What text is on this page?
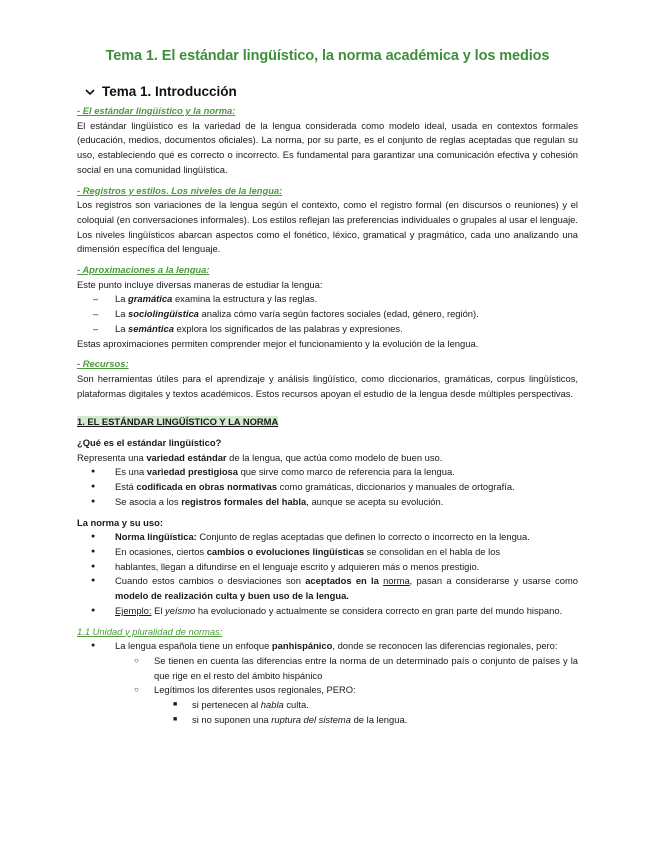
Tema 1. El estándar lingüístico, la norma académica y los medios
Tema 1. Introducción
- El estándar lingüístico y la norma:
El estándar lingüístico es la variedad de la lengua considerada como modelo ideal, usada en contextos formales (educación, medios, documentos oficiales). La norma, por su parte, es el conjunto de reglas aceptadas que regulan su uso, estableciendo qué es correcto o incorrecto. Es fundamental para garantizar una comunicación efectiva y cohesión social en una comunidad lingüística.
- Registros y estilos. Los niveles de la lengua:
Los registros son variaciones de la lengua según el contexto, como el registro formal (en discursos o reuniones) y el coloquial (en conversaciones informales). Los estilos reflejan las preferencias individuales o grupales al usar el lenguaje. Los niveles lingüísticos abarcan aspectos como el fonético, léxico, gramatical y pragmático, cada uno analizando una dimensión específica del lenguaje.
- Aproximaciones a la lengua:
Este punto incluye diversas maneras de estudiar la lengua:
– La gramática examina la estructura y las reglas.
– La sociolingüística analiza cómo varía según factores sociales (edad, género, región).
– La semántica explora los significados de las palabras y expresiones.
Estas aproximaciones permiten comprender mejor el funcionamiento y la evolución de la lengua.
- Recursos:
Son herramientas útiles para el aprendizaje y análisis lingüístico, como diccionarios, gramáticas, corpus lingüísticos, plataformas digitales y textos académicos. Estos recursos apoyan el estudio de la lengua desde múltiples perspectivas.
1. EL ESTÁNDAR LINGÜÍSTICO Y LA NORMA
¿Qué es el estándar lingüístico?
Representa una variedad estándar de la lengua, que actúa como modelo de buen uso.
● Es una variedad prestigiosa que sirve como marco de referencia para la lengua.
● Está codificada en obras normativas como gramáticas, diccionarios y manuales de ortografía.
● Se asocia a los registros formales del habla, aunque se acepta su evolución.
La norma y su uso:
● Norma lingüística: Conjunto de reglas aceptadas que definen lo correcto o incorrecto en la lengua.
● En ocasiones, ciertos cambios o evoluciones lingüísticas se consolidan en el habla de los
● hablantes, llegan a difundirse en el lenguaje escrito y adquieren más o menos prestigio.
● Cuando estos cambios o desviaciones son aceptados en la norma, pasan a considerarse y usarse como modelo de realización culta y buen uso de la lengua.
● Ejemplo: El yeísmo ha evolucionado y actualmente se considera correcto en gran parte del mundo hispano.
1.1 Unidad y pluralidad de normas:
● La lengua española tiene un enfoque panhispánico, donde se reconocen las diferencias regionales, pero:
○ Se tienen en cuenta las diferencias entre la norma de un determinado país o conjunto de países y la que rige en el resto del ámbito hispánico
○ Legítimos los diferentes usos regionales, PERO:
■ si pertenecen al habla culta.
■ si no suponen una ruptura del sistema de la lengua.
